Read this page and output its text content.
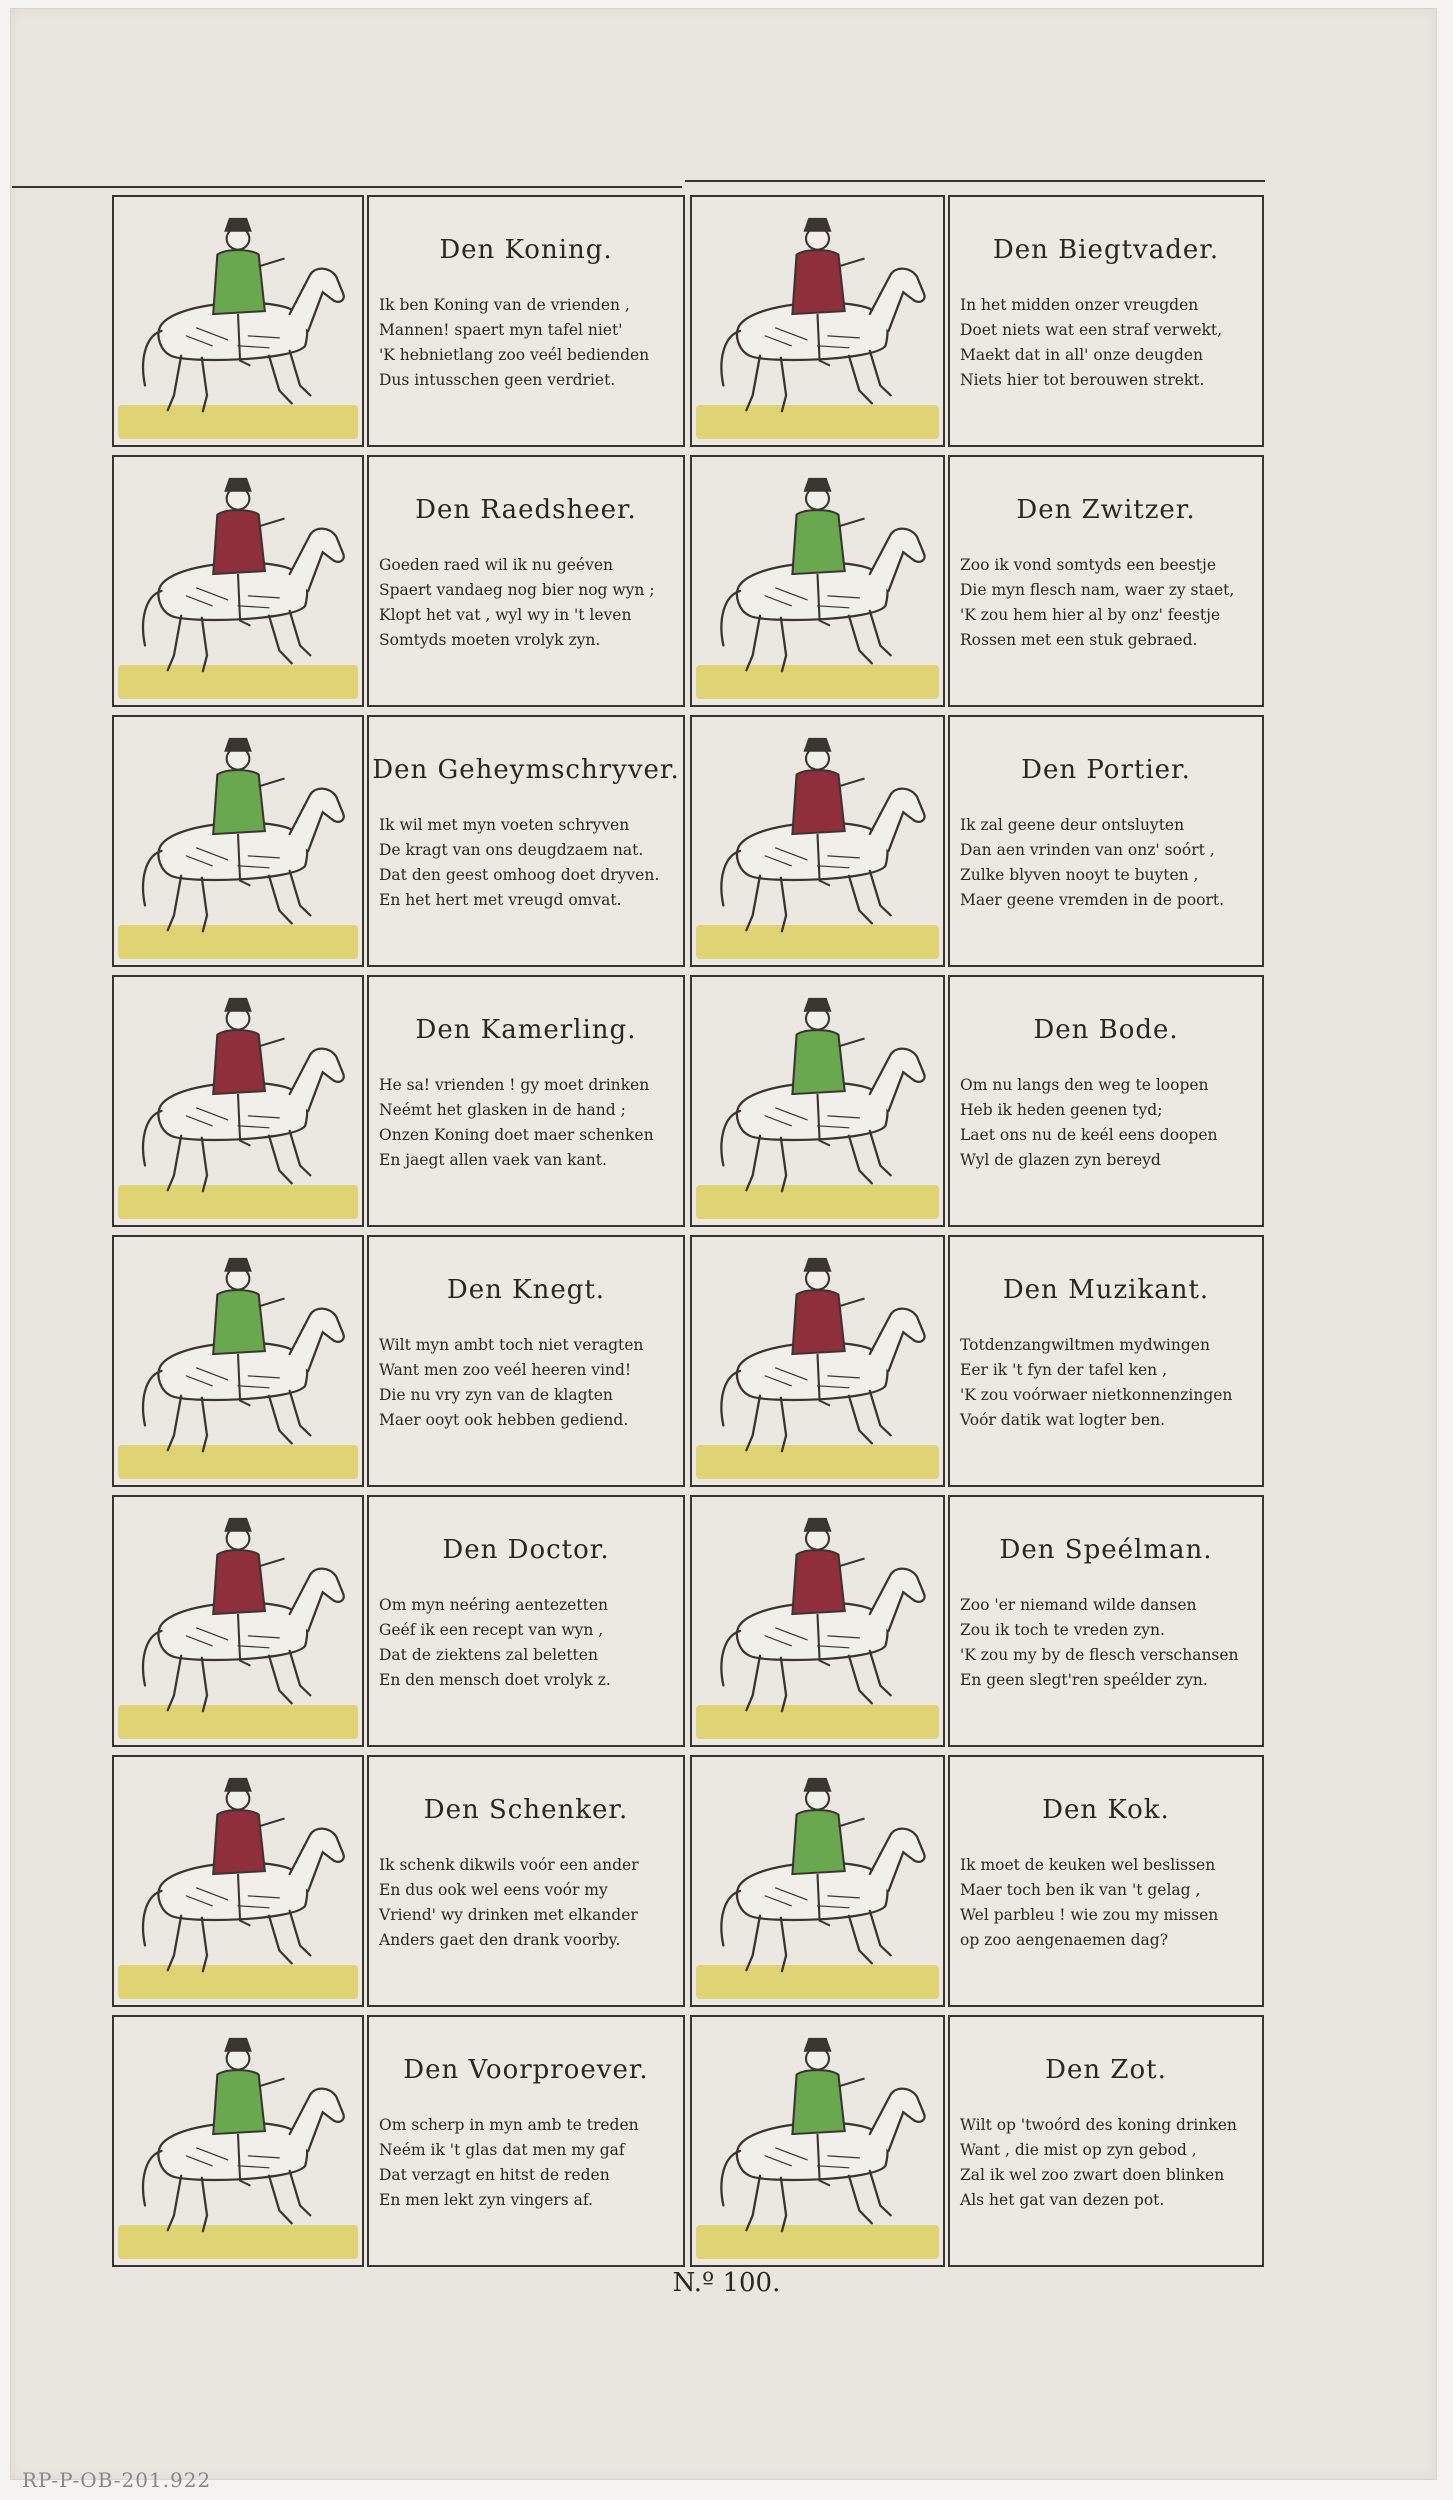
Den Koning.
Ik ben Koning van de vrienden ,
Mannen! spaert myn tafel niet'
'K hebnietlang zoo veél bedienden
Dus intusschen geen verdriet.
Den Raedsheer.
Goeden raed wil ik nu geéven
Spaert vandaeg nog bier nog wyn ;
Klopt het vat , wyl wy in 't leven
Somtyds moeten vrolyk zyn.
Den Geheymschryver.
Ik wil met myn voeten schryven
De kragt van ons deugdzaem nat.
Dat den geest omhoog doet dryven.
En het hert met vreugd omvat.
Den Kamerling.
He sa! vrienden ! gy moet drinken
Neémt het glasken in de hand ;
Onzen Koning doet maer schenken
En jaegt allen vaek van kant.
Den Knegt.
Wilt myn ambt toch niet veragten
Want men zoo veél heeren vind!
Die nu vry zyn van de klagten
Maer ooyt ook hebben gediend.
Den Doctor.
Om myn neéring aentezetten
Geéf ik een recept van wyn ,
Dat de ziektens zal beletten
En den mensch doet vrolyk z.
Den Schenker.
Ik schenk dikwils voór een ander
En dus ook wel eens voór my
Vriend' wy drinken met elkander
Anders gaet den drank voorby.
Den Voorproever.
Om scherp in myn amb te treden
Neém ik 't glas dat men my gaf
Dat verzagt en hitst de reden
En men lekt zyn vingers af.
Den Biegtvader.
In het midden onzer vreugden
Doet niets wat een straf verwekt,
Maekt dat in all' onze deugden
Niets hier tot berouwen strekt.
Den Zwitzer.
Zoo ik vond somtyds een beestje
Die myn flesch nam, waer zy staet,
'K zou hem hier al by onz' feestje
Rossen met een stuk gebraed.
Den Portier.
Ik zal geene deur ontsluyten
Dan aen vrinden van onz' soórt ,
Zulke blyven nooyt te buyten ,
Maer geene vremden in de poort.
Den Bode.
Om nu langs den weg te loopen
Heb ik heden geenen tyd;
Laet ons nu de keél eens doopen
Wyl de glazen zyn bereyd
Den Muzikant.
Totdenzangwiltmen mydwingen
Eer ik 't fyn der tafel ken ,
'K zou voórwaer nietkonnenzingen
Voór datik wat logter ben.
Den Speélman.
Zoo 'er niemand wilde dansen
Zou ik toch te vreden zyn.
'K zou my by de flesch verschansen
En geen slegt'ren speélder zyn.
Den Kok.
Ik moet de keuken wel beslissen
Maer toch ben ik van 't gelag ,
Wel parbleu ! wie zou my missen
op zoo aengenaemen dag?
Den Zot.
Wilt op 'twoórd des koning drinken
Want , die mist op zyn gebod ,
Zal ik wel zoo zwart doen blinken
Als het gat van dezen pot.
N.º 100.
RP-P-OB-201.922
